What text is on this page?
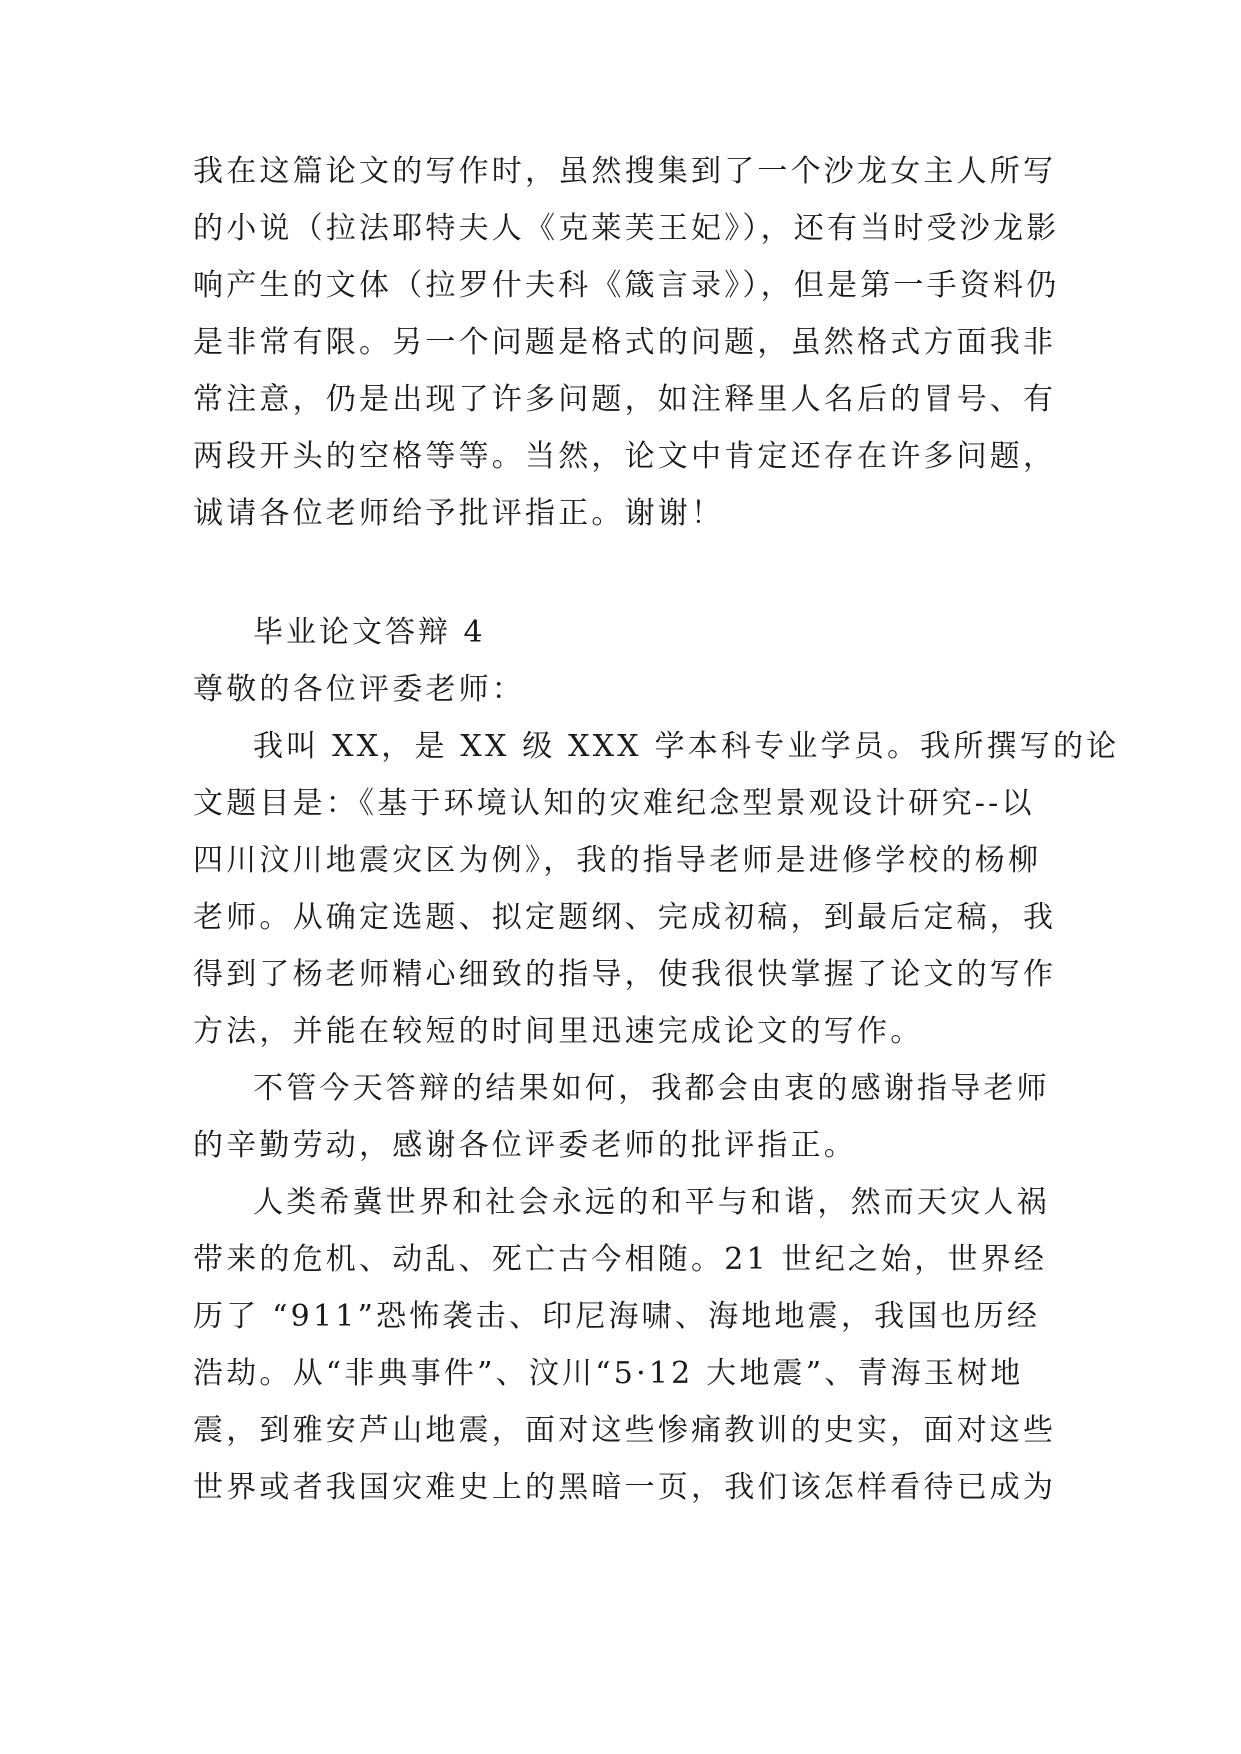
我在这篇论文的写作时，虽然搜集到了一个沙龙女主人所写
的小说（拉法耶特夫人《克莱芙王妃》），还有当时受沙龙影
响产生的文体（拉罗什夫科《箴言录》），但是第一手资料仍
是非常有限。另一个问题是格式的问题，虽然格式方面我非
常注意，仍是出现了许多问题，如注释里人名后的冒号、有
两段开头的空格等等。当然，论文中肯定还存在许多问题，
诚请各位老师给予批评指正。谢谢！
毕业论文答辩 4
尊敬的各位评委老师：
我叫 XX，是 XX 级 XXX 学本科专业学员。我所撰写的论
文题目是：《基于环境认知的灾难纪念型景观设计研究--以
四川汶川地震灾区为例》，我的指导老师是进修学校的杨柳
老师。从确定选题、拟定题纲、完成初稿，到最后定稿，我
得到了杨老师精心细致的指导，使我很快掌握了论文的写作
方法，并能在较短的时间里迅速完成论文的写作。
不管今天答辩的结果如何，我都会由衷的感谢指导老师
的辛勤劳动，感谢各位评委老师的批评指正。
人类希冀世界和社会永远的和平与和谐，然而天灾人祸
带来的危机、动乱、死亡古今相随。21 世纪之始，世界经
历了 “911”恐怖袭击、印尼海啸、海地地震，我国也历经
浩劫。从“非典事件”、汶川“5·12 大地震”、青海玉树地
震，到雅安芦山地震，面对这些惨痛教训的史实，面对这些
世界或者我国灾难史上的黑暗一页，我们该怎样看待已成为
